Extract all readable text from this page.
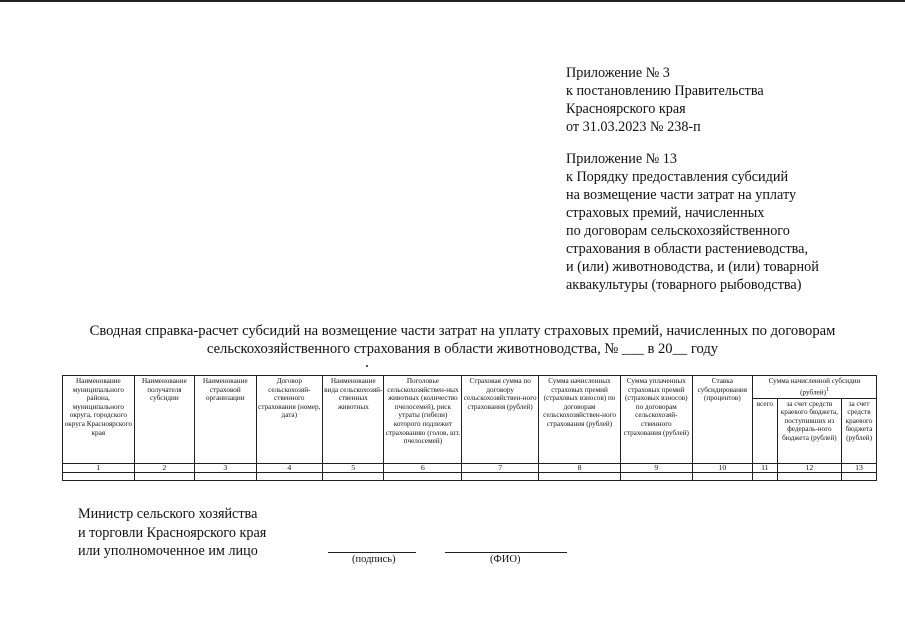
Приложение № 3
к постановлению Правительства
Красноярского края
от 31.03.2023 № 238-п
Приложение № 13
к Порядку предоставления субсидий
на возмещение части затрат на уплату
страховых премий, начисленных
по договорам сельскохозяйственного
страхования в области растениеводства,
и (или) животноводства, и (или) товарной
аквакультуры (товарного рыбоводства)
Сводная справка-расчет субсидий на возмещение части затрат на уплату страховых премий, начисленных по договорам
сельскохозяйственного страхования в области животноводства, № ___ в 20__ году
Наименование муниципального района, муниципального округа, городского округа Красноярского края	Наименование получателя субсидии	Наименование страховой организации	Договор сельскохозяй-ственного страхования (номер, дата)	Наименование вида сельскохозяй-ственных животных	Поголовье сельскохозяйствен-ных животных (количество пчелосемей), риск утраты (гибели) которого подлежит страхованию (голов, шт. пчелосемей)	Страховая сумма по договору сельскохозяйствен-ного страхования (рублей)	Сумма начисленных страховых премий (страховых взносов) по договорам сельскохозяйствен-ного страхования (рублей)	Сумма уплаченных страховых премий (страховых взносов) по договорам сельскохозяй-ственного страхования (рублей)	Ставка субсидирования (процентов)	Сумма начисленной субсидии (рублей)$^1$
										всего	за счет средств краевого бюджета, поступивших из федераль-ного бюджета (рублей)	за счет средств краевого бюджета (рублей)
1	2	3	4	5	6	7	8	9	10	11	12	13

Министр сельского хозяйства
и торговли Красноярского края
или уполномоченное им лицо
(подпись)	(ФИО)
